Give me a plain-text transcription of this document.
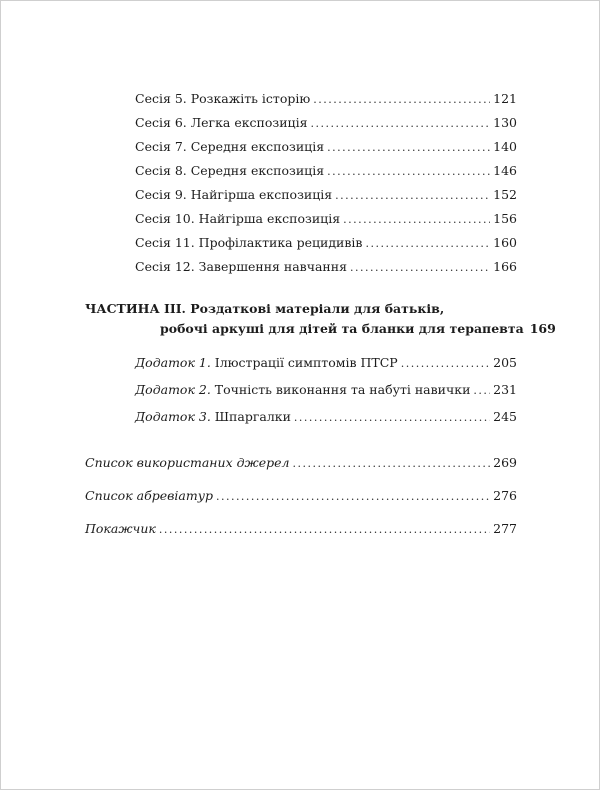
Сесія 5. Розкажіть історію .....	121
Сесія 6. Легка експозиція .....	130
Сесія 7. Середня експозиція .....	140
Сесія 8. Середня експозиція .....	146
Сесія 9. Найгірша експозиція .....	152
Сесія 10. Найгірша експозиція .....	156
Сесія 11. Профілактика рецидивів .....	160
Сесія 12. Завершення навчання .....	166
ЧАСТИНА III. Роздаткові матеріали для батьків,
робочі аркуші для дітей та бланки для терапевта 169
Додаток 1. Ілюстрації симптомів ПТСР .....	205
Додаток 2. Точність виконання та набуті навички ..... 231
Додаток 3. Шпаргалки .....	245
Список використаних джерел .....	269
Список абревіатур .....	276
Покажчик .....	277
